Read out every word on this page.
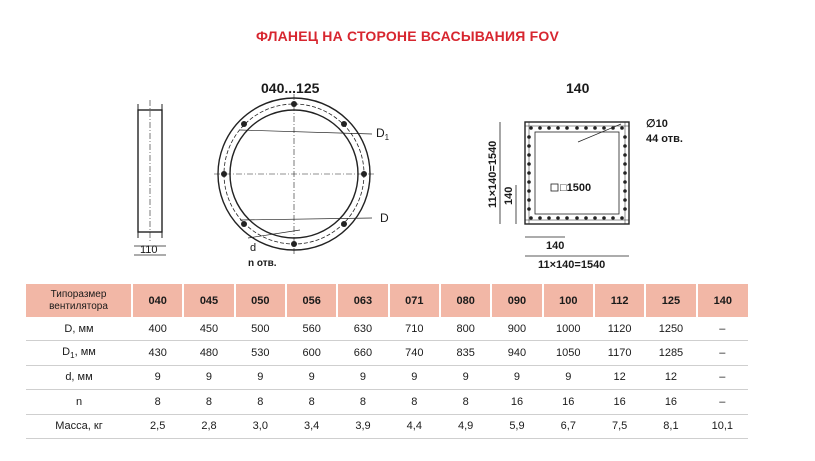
ФЛАНЕЦ НА СТОРОНЕ ВСАСЫВАНИЯ FOV
040...125	140
110
$D_1$
D
d
n отв.
∅10
44 отв.
□1500
140
11×140=1540
11×140=1540 140
Типоразмер
вентилятора	040	045	050	056	063	071	080	090	100	112	125	140
D, мм	400	450	500	560	630	710	800	900	1000	1120	1250	–
$D_1$, мм	430	480	530	600	660	740	835	940	1050	1170	1285	–
d, мм	9	9	9	9	9	9	9	9	9	12	12	–
n	8	8	8	8	8	8	8	16	16	16	16	–
Масса, кг	2,5	2,8	3,0	3,4	3,9	4,4	4,9	5,9	6,7	7,5	8,1	10,1
